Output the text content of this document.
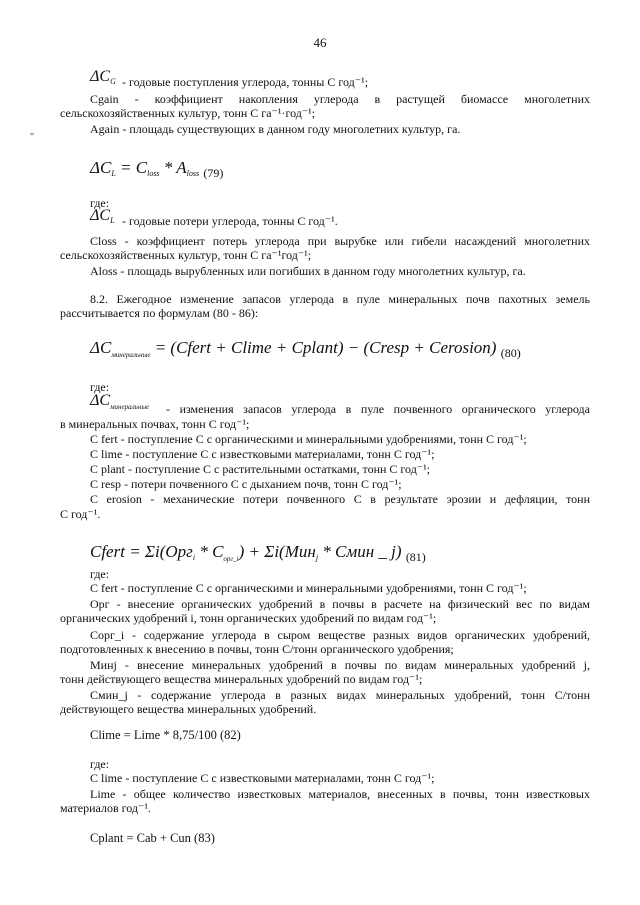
46
"
$\Delta C_G$ - годовые поступления углерода, тонны С год⁻¹;
Cgain - коэффициент накопления углерода в растущей биомассе многолетних
сельскохозяйственных культур, тонн С га⁻¹·год⁻¹;
Again - площадь существующих в данном году многолетних культур, га.
$\Delta C_L = C_{loss} * A_{loss}$ $_{(79)}$
где:
$\Delta C_L$ - годовые потери углерода, тонны С год⁻¹.
Closs - коэффициент потерь углерода при вырубке или гибели насаждений многолетних
сельскохозяйственных культур, тонн С га⁻¹год⁻¹;
Aloss - площадь вырубленных или погибших в данном году многолетних культур, га.
8.2. Ежегодное изменение запасов углерода в пуле минеральных почв пахотных земель
рассчитывается по формулам (80 - 86):
$\Delta C_{минеральные}$ = (Cfert + Clime + Cplant) − (Cresp + Cerosion) $_{(80)}$
где:
$\Delta C_{минеральные}$ - изменения запасов углерода в пуле почвенного органического углерода
в минеральных почвах, тонн С год⁻¹;
C fert - поступление С с органическими и минеральными удобрениями, тонн С год⁻¹;
C lime - поступление С с известковыми материалами, тонн С год⁻¹;
C plant - поступление С с растительными остатками, тонн С год⁻¹;
C resp - потери почвенного С с дыханием почв, тонн С год⁻¹;
C erosion - механические потери почвенного С в результате эрозии и дефляции, тонн
С год⁻¹.
Cfert = $\Sigma i(Орг_i * C_{орг\_i}) + \Sigma i(Мин_j$ * Смин _ j) $_{(81)}$
где:
C fert - поступление С с органическими и минеральными удобрениями, тонн С год⁻¹;
Орг - внесение органических удобрений в почвы в расчете на физический вес по видам
органических удобрений i, тонн органических удобрений по видам год⁻¹;
Copг_i - содержание углерода в сыром веществе разных видов органических удобрений,
подготовленных к внесению в почвы, тонн С/тонн органического удобрения;
Минj - внесение минеральных удобрений в почвы по видам минеральных удобрений j,
тонн действующего вещества минеральных удобрений по видам год⁻¹;
Смин_j - содержание углерода в разных видах минеральных удобрений, тонн С/тонн
действующего вещества минеральных удобрений.
Clime = Lime * 8,75/100 (82)
где:
C lime - поступление С с известковыми материалами, тонн С год⁻¹;
Lime - общее количество известковых материалов, внесенных в почвы, тонн известковых
материалов год⁻¹.
Cplant = Cab + Cun (83)
